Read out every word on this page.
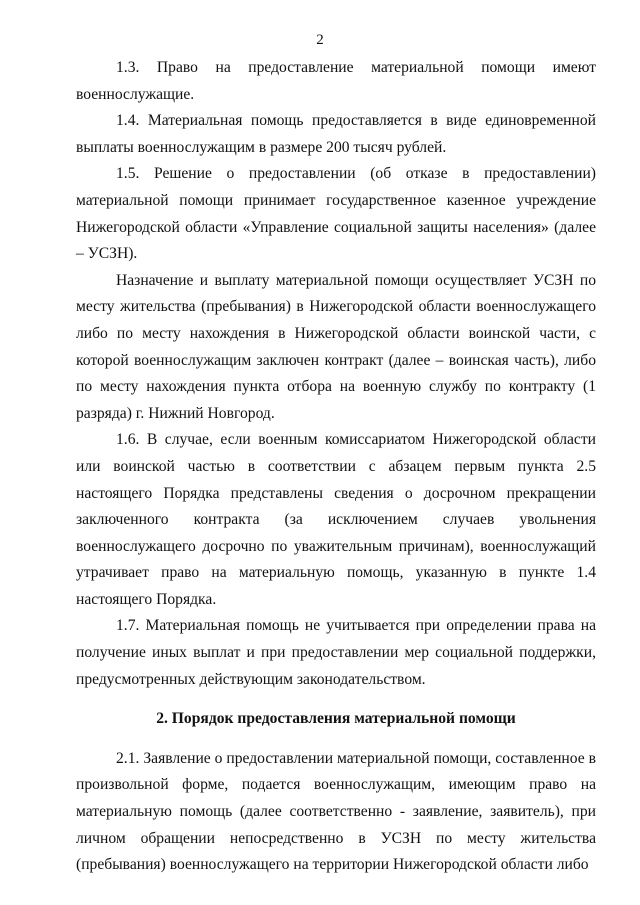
2

1.3. Право на предоставление материальной помощи имеют военнослужащие.

1.4. Материальная помощь предоставляется в виде единовременной выплаты военнослужащим в размере 200 тысяч рублей.

1.5. Решение о предоставлении (об отказе в предоставлении) материальной помощи принимает государственное казенное учреждение Нижегородской области «Управление социальной защиты населения» (далее – УСЗН).

Назначение и выплату материальной помощи осуществляет УСЗН по месту жительства (пребывания) в Нижегородской области военнослужащего либо по месту нахождения в Нижегородской области воинской части, с которой военнослужащим заключен контракт (далее – воинская часть), либо по месту нахождения пункта отбора на военную службу по контракту (1 разряда) г. Нижний Новгород.

1.6. В случае, если военным комиссариатом Нижегородской области или воинской частью в соответствии с абзацем первым пункта 2.5 настоящего Порядка представлены сведения о досрочном прекращении заключенного контракта (за исключением случаев увольнения военнослужащего досрочно по уважительным причинам), военнослужащий утрачивает право на материальную помощь, указанную в пункте 1.4 настоящего Порядка.

1.7. Материальная помощь не учитывается при определении права на получение иных выплат и при предоставлении мер социальной поддержки, предусмотренных действующим законодательством.

2. Порядок предоставления материальной помощи

2.1. Заявление о предоставлении материальной помощи, составленное в произвольной форме, подается военнослужащим, имеющим право на материальную помощь (далее соответственно - заявление, заявитель), при личном обращении непосредственно в УСЗН по месту жительства (пребывания) военнослужащего на территории Нижегородской области либо
